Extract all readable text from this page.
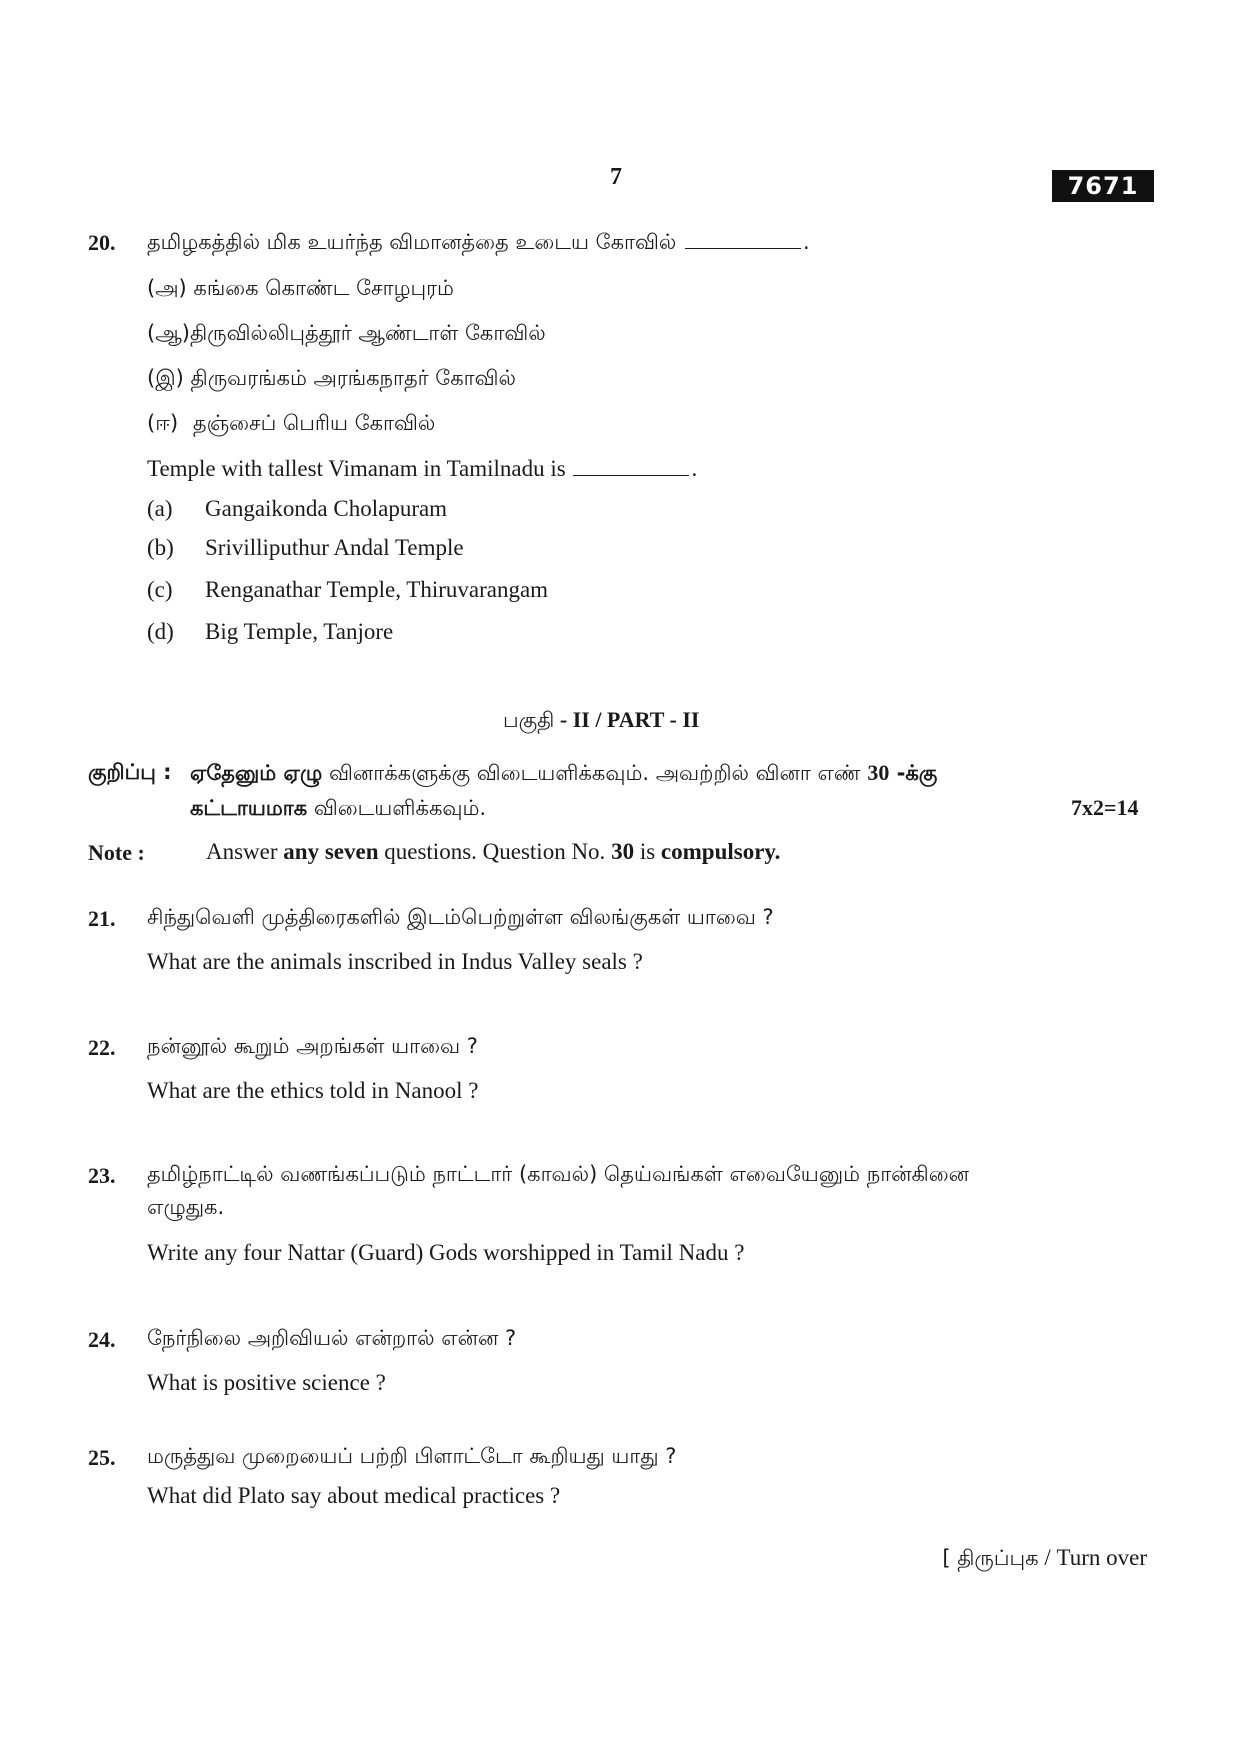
7	7671
20. தமிழகத்தில் மிக உயர்ந்த விமானத்தை உடைய கோவில்	.
(அ) கங்கை கொண்ட சோழபுரம்
(ஆ)திருவில்லிபுத்தூர் ஆண்டாள் கோவில்
(இ) திருவரங்கம் அரங்கநாதர் கோவில்
(ஈ) தஞ்சைப் பெரிய கோவில்
Temple with tallest Vimanam in Tamilnadu is	.
(a) Gangaikonda Cholapuram
(b) Srivilliputhur Andal Temple
(c) Renganathar Temple, Thiruvarangam
(d) Big Temple, Tanjore
பகுதி - II / PART - II
குறிப்பு : ஏதேனும் ஏழு வினாக்களுக்கு விடையளிக்கவும். அவற்றில் வினா எண் 30 -க்கு
கட்டாயமாக விடையளிக்கவும்.	7x2=14
Note :	Answer any seven questions. Question No. 30 is compulsory.
21. சிந்துவெளி முத்திரைகளில் இடம்பெற்றுள்ள விலங்குகள் யாவை ?
What are the animals inscribed in Indus Valley seals ?
22. நன்னூல் கூறும் அறங்கள் யாவை ?
What are the ethics told in Nanool ?
23. தமிழ்நாட்டில் வணங்கப்படும் நாட்டார் (காவல்) தெய்வங்கள் எவையேனும் நான்கினை
எழுதுக.
Write any four Nattar (Guard) Gods worshipped in Tamil Nadu ?
24. நேர்நிலை அறிவியல் என்றால் என்ன ?
What is positive science ?
25. மருத்துவ முறையைப் பற்றி பிளாட்டோ கூறியது யாது ?
What did Plato say about medical practices ?
[ திருப்புக / Turn over
